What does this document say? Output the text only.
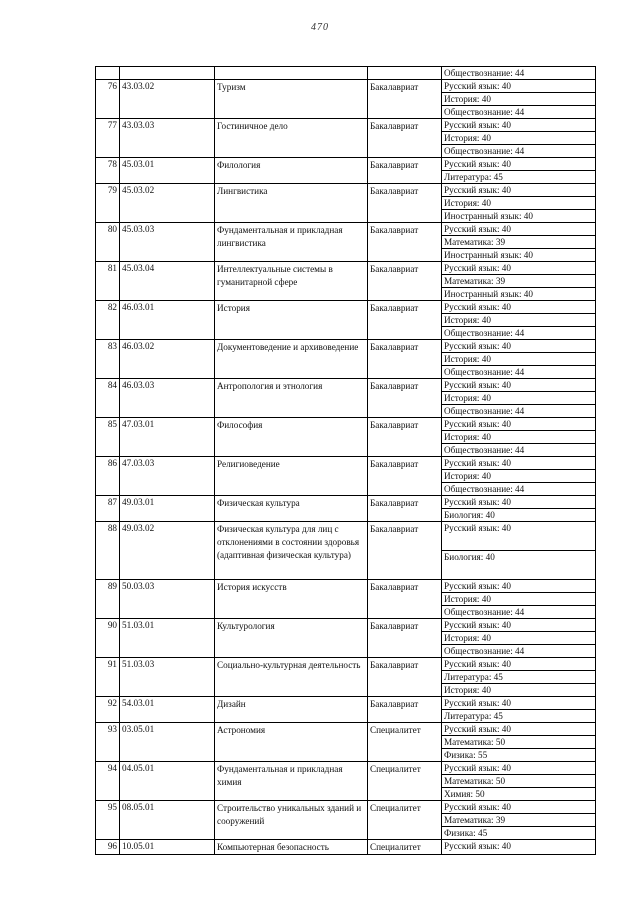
470
				Обществознание: 44
76	43.03.02	Туризм	Бакалавриат	Русский язык: 40
				История: 40
				Обществознание: 44
77	43.03.03	Гостиничное дело	Бакалавриат	Русский язык: 40
				История: 40
				Обществознание: 44
78	45.03.01	Филология	Бакалавриат	Русский язык: 40
				Литература: 45
79	45.03.02	Лингвистика	Бакалавриат	Русский язык: 40
				История: 40
				Иностранный язык: 40
80	45.03.03	Фундаментальная и прикладная лингвистика	Бакалавриат	Русский язык: 40
				Математика: 39
				Иностранный язык: 40
81	45.03.04	Интеллектуальные системы в гуманитарной сфере	Бакалавриат	Русский язык: 40
				Математика: 39
				Иностранный язык: 40
82	46.03.01	История	Бакалавриат	Русский язык: 40
				История: 40
				Обществознание: 44
83	46.03.02	Документоведение и архивоведение	Бакалавриат	Русский язык: 40
				История: 40
				Обществознание: 44
84	46.03.03	Антропология и этнология	Бакалавриат	Русский язык: 40
				История: 40
				Обществознание: 44
85	47.03.01	Философия	Бакалавриат	Русский язык: 40
				История: 40
				Обществознание: 44
86	47.03.03	Религиоведение	Бакалавриат	Русский язык: 40
				История: 40
				Обществознание: 44
87	49.03.01	Физическая культура	Бакалавриат	Русский язык: 40
				Биология: 40
88	49.03.02	Физическая культура для лиц с отклонениями в состоянии здоровья (адаптивная физическая культура)	Бакалавриат	Русский язык: 40
				Биология: 40
89	50.03.03	История искусств	Бакалавриат	Русский язык: 40
				История: 40
				Обществознание: 44
90	51.03.01	Культурология	Бакалавриат	Русский язык: 40
				История: 40
				Обществознание: 44
91	51.03.03	Социально-культурная деятельность	Бакалавриат	Русский язык: 40
				Литература: 45
				История: 40
92	54.03.01	Дизайн	Бакалавриат	Русский язык: 40
				Литература: 45
93	03.05.01	Астрономия	Специалитет	Русский язык: 40
				Математика: 50
				Физика: 55
94	04.05.01	Фундаментальная и прикладная химия	Специалитет	Русский язык: 40
				Математика: 50
				Химия: 50
95	08.05.01	Строительство уникальных зданий и сооружений	Специалитет	Русский язык: 40
				Математика: 39
				Физика: 45
96	10.05.01	Компьютерная безопасность	Специалитет	Русский язык: 40
